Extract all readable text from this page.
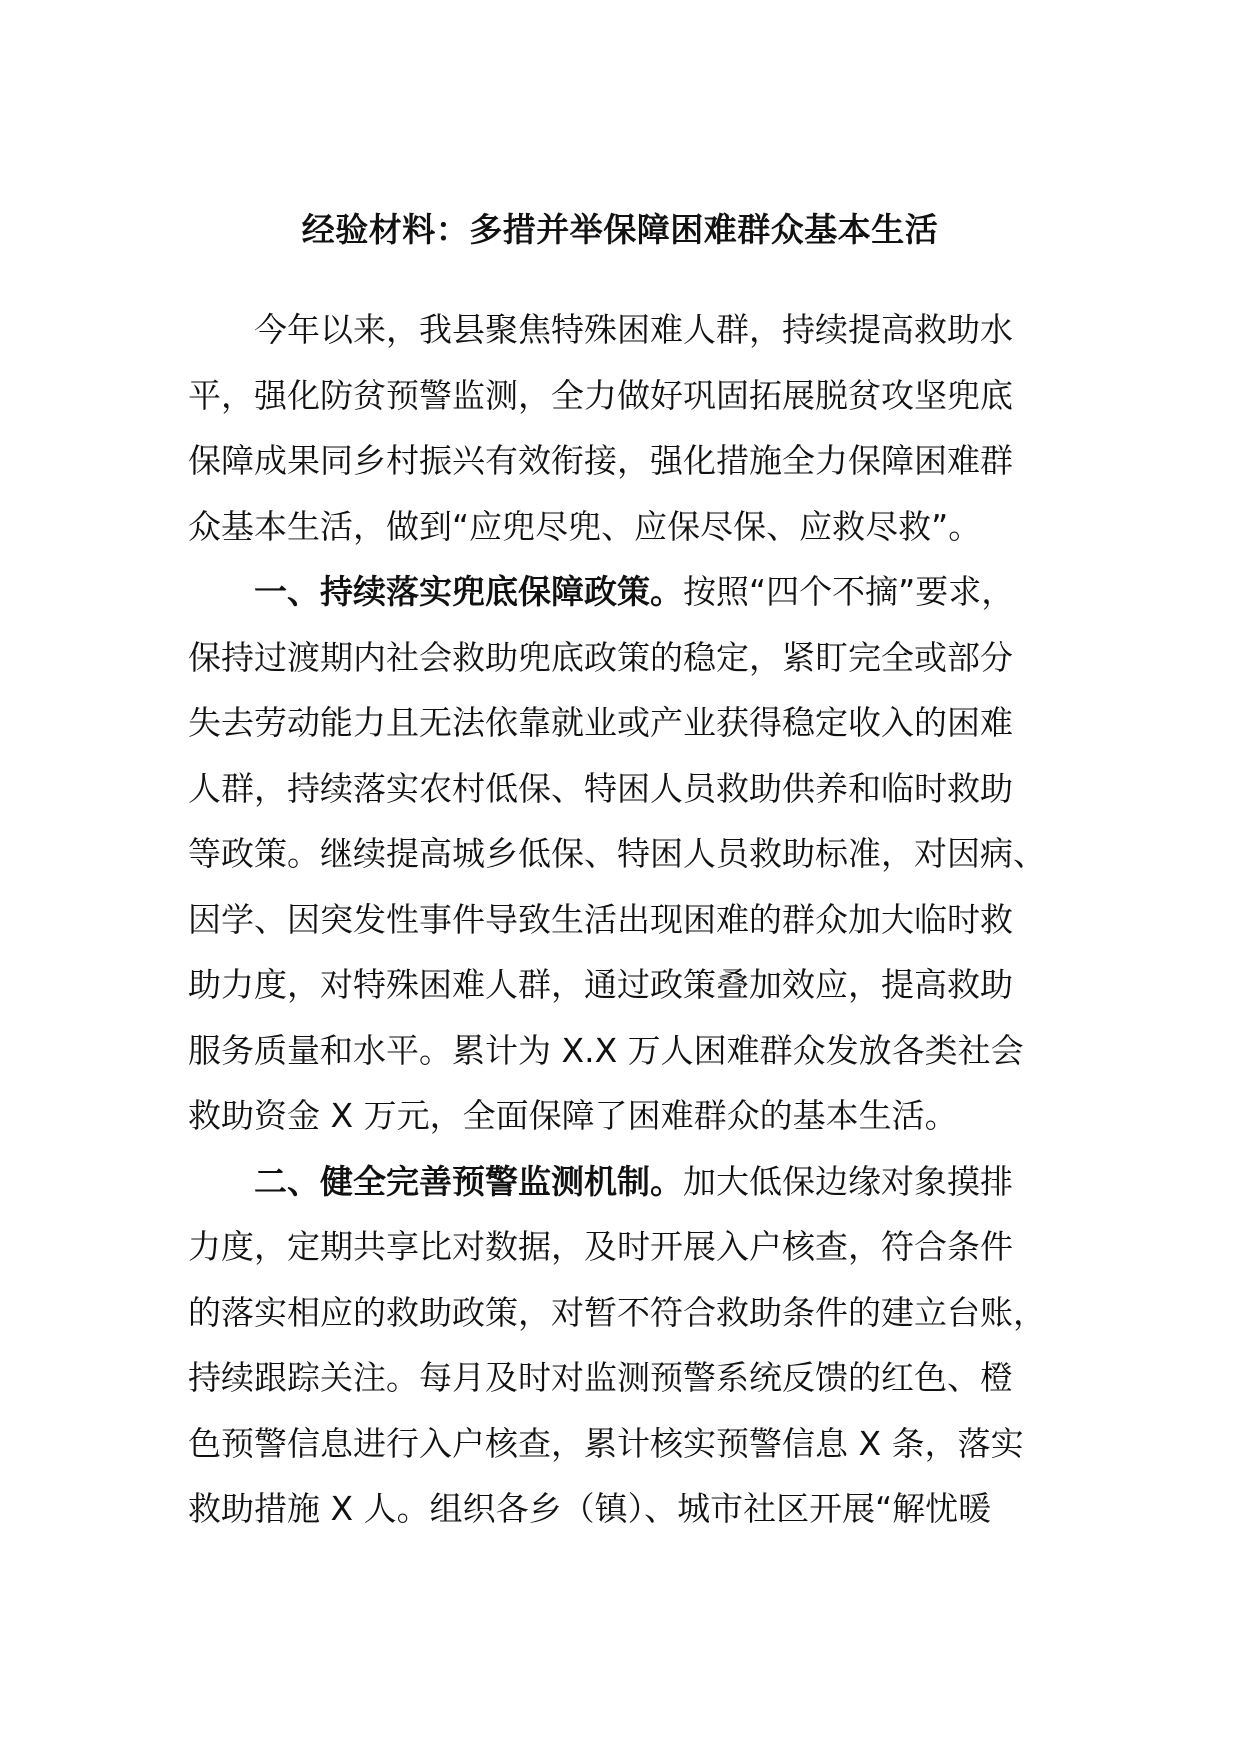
经验材料：多措并举保障困难群众基本生活
今年以来，我县聚焦特殊困难人群，持续提高救助水
平，强化防贫预警监测，全力做好巩固拓展脱贫攻坚兜底
保障成果同乡村振兴有效衔接，强化措施全力保障困难群
众基本生活，做到“应兜尽兜、应保尽保、应救尽救”。
一、持续落实兜底保障政策。按照“四个不摘”要求，
保持过渡期内社会救助兜底政策的稳定，紧盯完全或部分
失去劳动能力且无法依靠就业或产业获得稳定收入的困难
人群，持续落实农村低保、特困人员救助供养和临时救助
等政策。继续提高城乡低保、特困人员救助标准，对因病、
因学、因突发性事件导致生活出现困难的群众加大临时救
助力度，对特殊困难人群，通过政策叠加效应，提高救助
服务质量和水平。累计为 X.X 万人困难群众发放各类社会
救助资金 X 万元，全面保障了困难群众的基本生活。
二、健全完善预警监测机制。加大低保边缘对象摸排
力度，定期共享比对数据，及时开展入户核查，符合条件
的落实相应的救助政策，对暂不符合救助条件的建立台账，
持续跟踪关注。每月及时对监测预警系统反馈的红色、橙
色预警信息进行入户核查，累计核实预警信息 X 条，落实
救助措施 X 人。组织各乡（镇）、城市社区开展“解忧暖
